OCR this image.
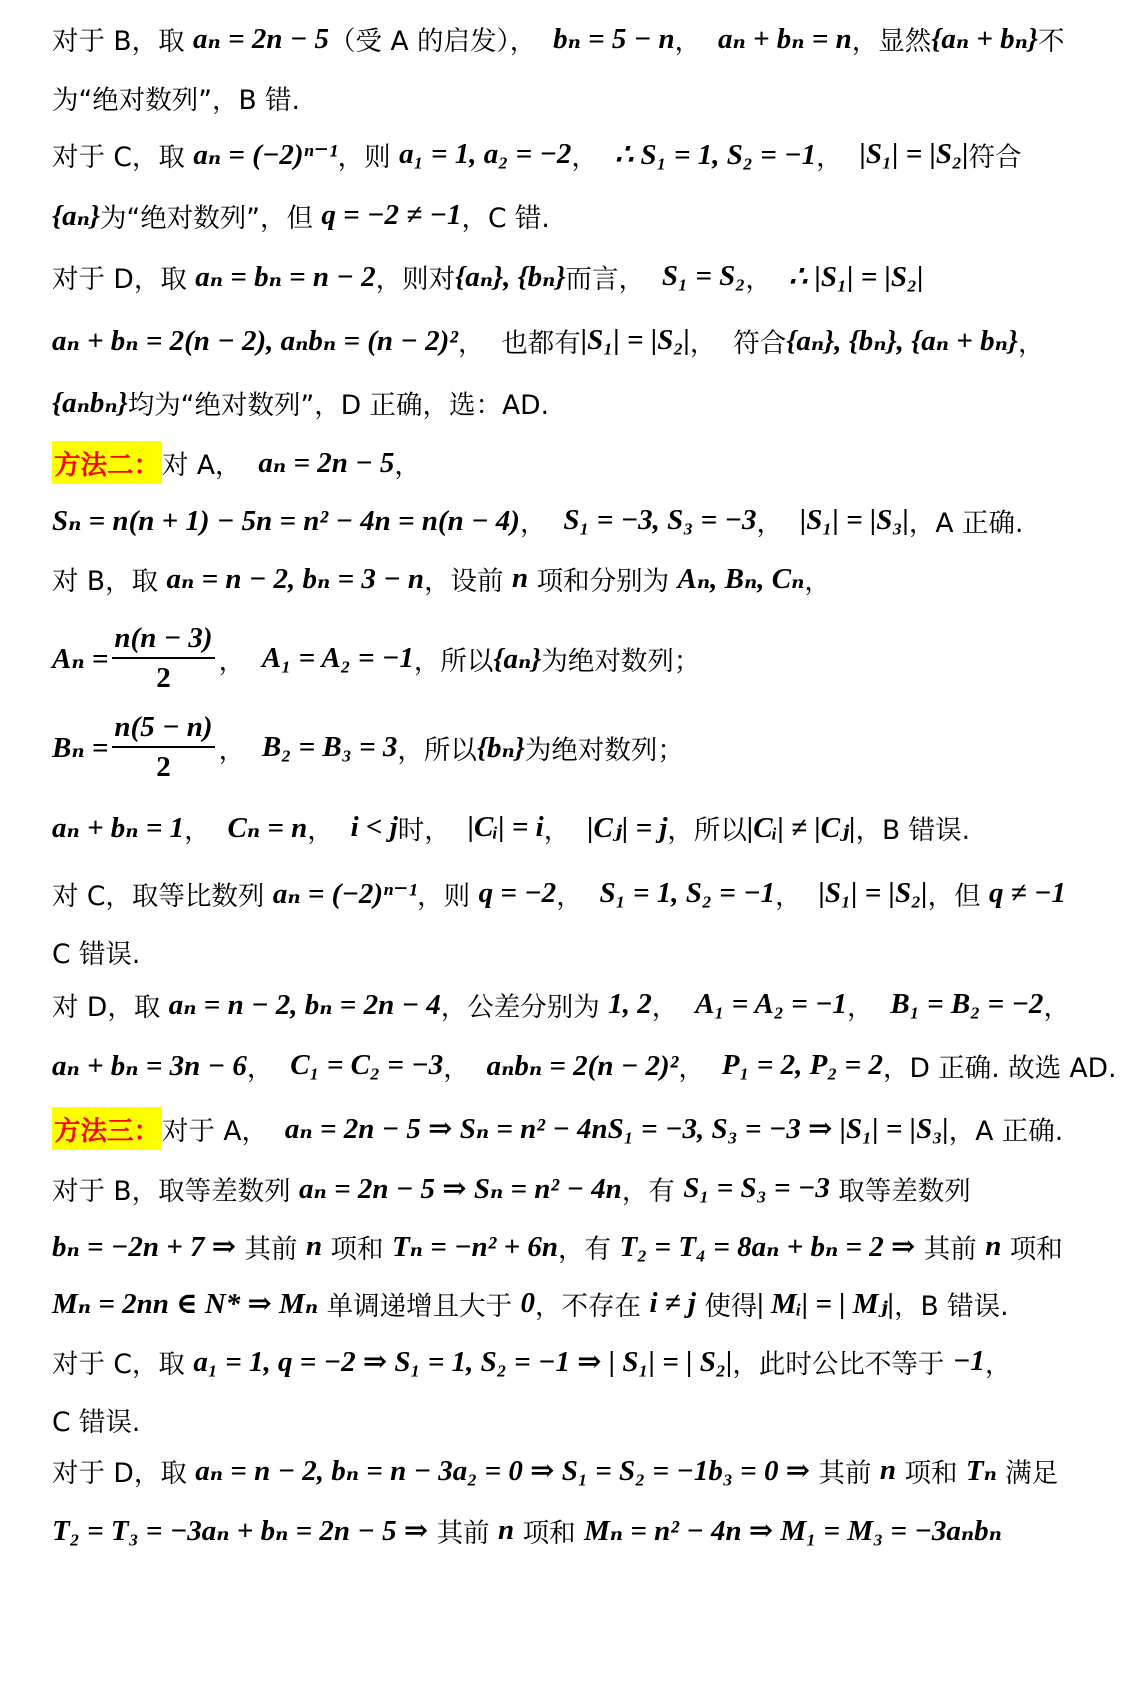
对于 B，取 aₙ = 2n − 5 （受 A 的启发）， bₙ = 5 − n ， aₙ + bₙ = n ，显然 {aₙ + bₙ} 不
为“绝对数列”，B 错.
对于 C，取 aₙ = (−2)ⁿ⁻¹ ，则 a₁ = 1, a₂ = −2 ， ∴ S₁ = 1, S₂ = −1 ， |S₁| = |S₂| 符合
{aₙ} 为“绝对数列”，但 q = −2 ≠ −1 ，C 错.
对于 D，取 aₙ = bₙ = n − 2 ，则对 {aₙ}, {bₙ} 而言， S₁ = S₂ ， ∴ |S₁| = |S₂|
aₙ + bₙ = 2(n − 2), aₙbₙ = (n − 2)² ，  也都有 |S₁| = |S₂| ，  符合 {aₙ}, {bₙ}, {aₙ + bₙ} ，
{aₙbₙ} 均为“绝对数列”，D 正确，选：AD.
方法二： 对 A， aₙ = 2n − 5 ，
Sₙ = n(n + 1) − 5n = n² − 4n = n(n − 4) ， S₁ = −3, S₃ = −3 ， |S₁| = |S₃| ，A 正确.
对 B，取 aₙ = n − 2, bₙ = 3 − n ，设前 n 项和分别为 Aₙ, Bₙ, Cₙ ，
$A_n = \frac{n(n - 3)}{2}$ ， A₁ = A₂ = −1 ，所以 {aₙ} 为绝对数列；
$B_n = \frac{n(5 - n)}{2}$ ， B₂ = B₃ = 3 ，所以 {bₙ} 为绝对数列；
aₙ + bₙ = 1 ， Cₙ = n ， i < j 时， |Cᵢ| = i ， |Cⱼ| = j ，所以 |Cᵢ| ≠ |Cⱼ| ，B 错误.
对 C，取等比数列 aₙ = (−2)ⁿ⁻¹ ，则 q = −2 ， S₁ = 1, S₂ = −1 ， |S₁| = |S₂| ，但 q ≠ −1
C 错误.
对 D，取 aₙ = n − 2, bₙ = 2n − 4 ，公差分别为 1, 2 ， A₁ = A₂ = −1 ， B₁ = B₂ = −2 ，
aₙ + bₙ = 3n − 6 ， C₁ = C₂ = −3 ， aₙbₙ = 2(n − 2)² ， P₁ = 2, P₂ = 2 ，D 正确. 故选 AD.
方法三： 对于 A， aₙ = 2n − 5 ⇒ Sₙ = n² − 4nS₁ = −3, S₃ = −3 ⇒ |S₁| = |S₃| ，A 正确.
对于 B，取等差数列 aₙ = 2n − 5 ⇒ Sₙ = n² − 4n ，有 S₁ = S₃ = −3 取等差数列
bₙ = −2n + 7 ⇒ 其前 n 项和 Tₙ = −n² + 6n ，有 T₂ = T₄ = 8aₙ + bₙ = 2 ⇒ 其前 n 项和
Mₙ = 2nn ∈ N* ⇒ Mₙ 单调递增且大于 0 ，不存在 i ≠ j 使得 | Mᵢ| = | Mⱼ| ，B 错误.
对于 C，取 a₁ = 1, q = −2 ⇒ S₁ = 1, S₂ = −1 ⇒ | S₁| = | S₂| ，此时公比不等于 −1 ，
C 错误.
对于 D，取 aₙ = n − 2, bₙ = n − 3a₂ = 0 ⇒ S₁ = S₂ = −1b₃ = 0 ⇒ 其前 n 项和 Tₙ 满足
T₂ = T₃ = −3aₙ + bₙ = 2n − 5 ⇒ 其前 n 项和 Mₙ = n² − 4n ⇒ M₁ = M₃ = −3aₙbₙ
